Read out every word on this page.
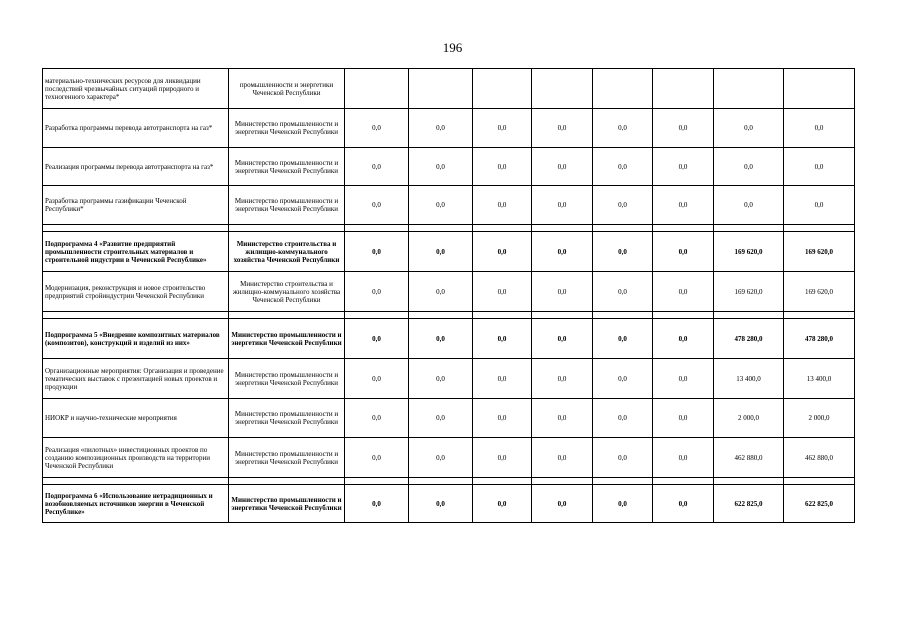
196
материально-технических ресурсов для ликвидации последствий чрезвычайных ситуаций природного и техногенного характера*	промышленности и энергетики Чеченской Республики								
Разработка программы перевода автотранспорта на газ*	Министерство промышленности и энергетики Чеченской Республики	0,0	0,0	0,0	0,0	0,0	0,0	0,0	0,0
Реализация программы перевода автотранспорта на газ*	Министерство промышленности и энергетики Чеченской Республики	0,0	0,0	0,0	0,0	0,0	0,0	0,0	0,0
Разработка программы газификации Чеченской Республики*	Министерство промышленности и энергетики Чеченской Республики	0,0	0,0	0,0	0,0	0,0	0,0	0,0	0,0

Подпрограмма 4 «Развитие предприятий промышленности строительных материалов и строительной индустрии в Чеченской Республике»	Министерство строительства и жилищно-коммунального хозяйства Чеченской Республики	0,0	0,0	0,0	0,0	0,0	0,0	169 620,0	169 620,0
Модернизация, реконструкция и новое строительство предприятий стройиндустрии Чеченской Республики	Министерство строительства и жилищно-коммунального хозяйства Чеченской Республики	0,0	0,0	0,0	0,0	0,0	0,0	169 620,0	169 620,0

Подпрограмма 5 «Внедрение композитных материалов (композитов), конструкций и изделий из них»	Министерство промышленности и энергетики Чеченской Республики	0,0	0,0	0,0	0,0	0,0	0,0	478 280,0	478 280,0
Организационные мероприятия: Организация и проведение тематических выставок с презентацией новых проектов и продукции	Министерство промышленности и энергетики Чеченской Республики	0,0	0,0	0,0	0,0	0,0	0,0	13 400,0	13 400,0
НИОКР и научно-технические мероприятия	Министерство промышленности и энергетики Чеченской Республики	0,0	0,0	0,0	0,0	0,0	0,0	2 000,0	2 000,0
Реализация «пилотных» инвестиционных проектов по созданию композиционных производств на территории Чеченской Республики	Министерство промышленности и энергетики Чеченской Республики	0,0	0,0	0,0	0,0	0,0	0,0	462 880,0	462 880,0

Подпрограмма 6 «Использование нетрадиционных и возобновляемых источников энергии в Чеченской Республике»	Министерство промышленности и энергетики Чеченской Республики	0,0	0,0	0,0	0,0	0,0	0,0	622 825,0	622 825,0
